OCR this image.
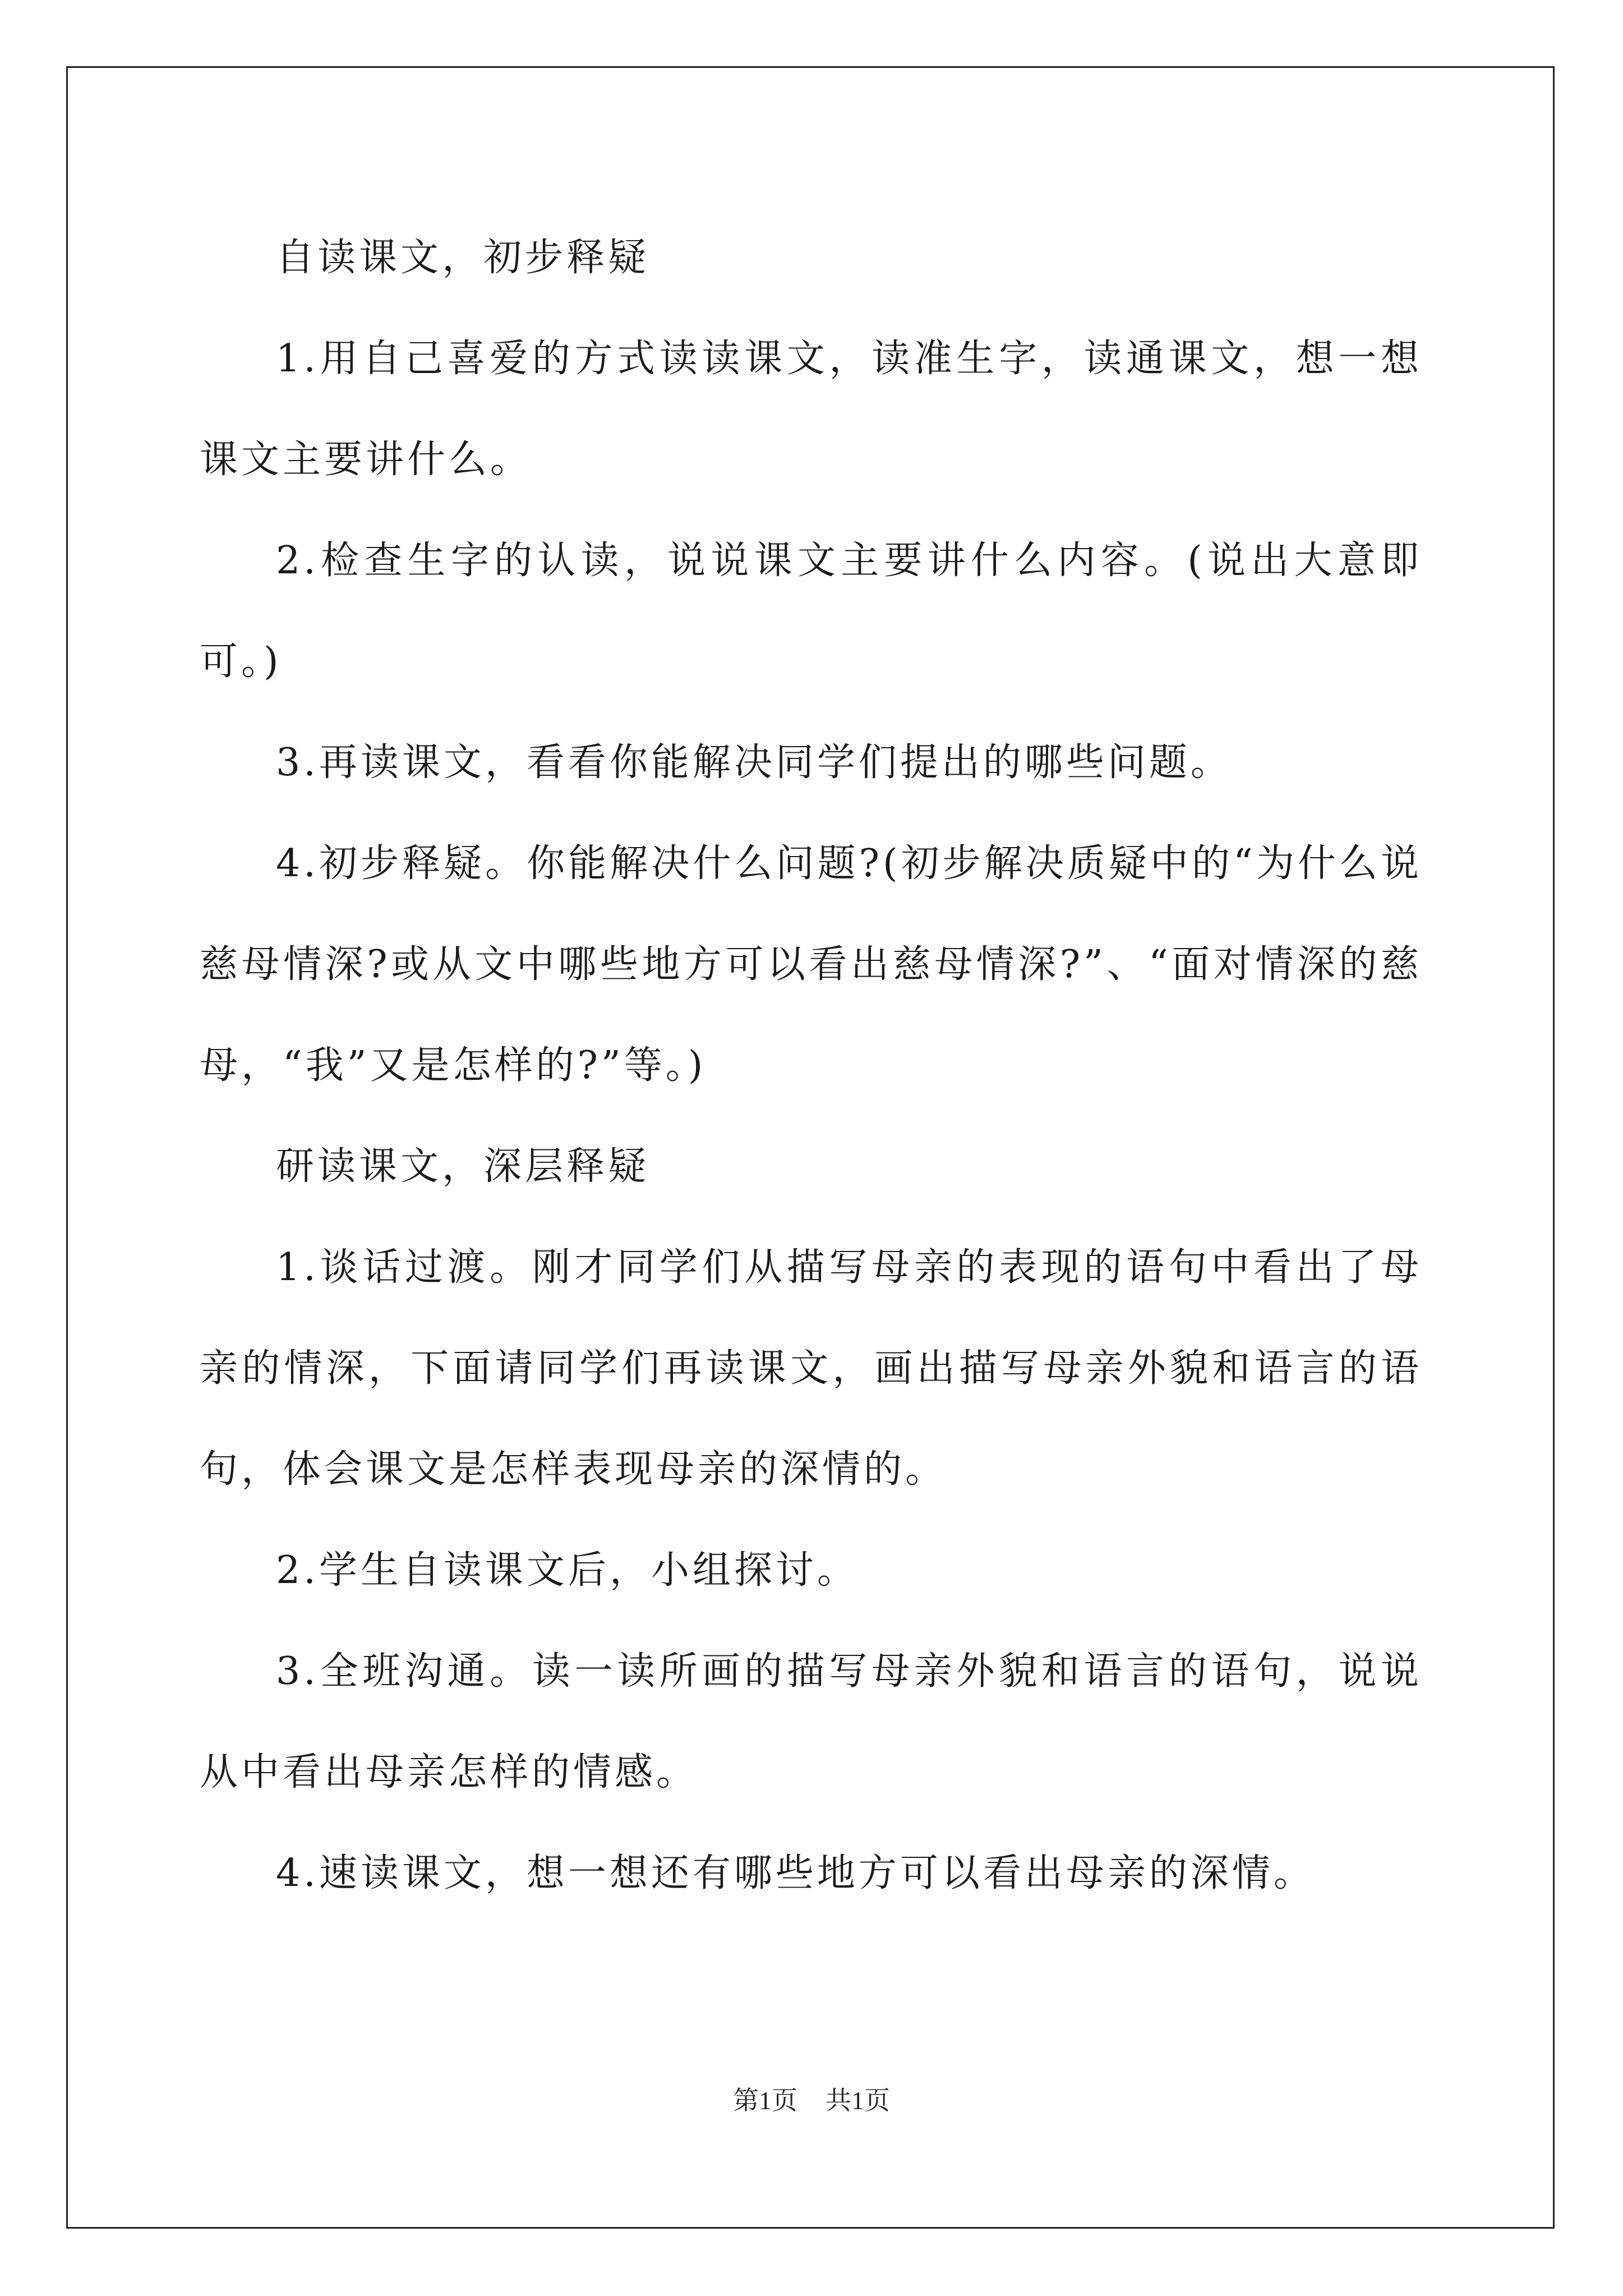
自读课文，初步释疑

1.用自己喜爱的方式读读课文，读准生字，读通课文，想一想课文主要讲什么。

2.检查生字的认读，说说课文主要讲什么内容。(说出大意即可。)

3.再读课文，看看你能解决同学们提出的哪些问题。

4.初步释疑。你能解决什么问题?(初步解决质疑中的“为什么说慈母情深?或从文中哪些地方可以看出慈母情深?”、“面对情深的慈母，“我”又是怎样的?”等。)

研读课文，深层释疑

1.谈话过渡。刚才同学们从描写母亲的表现的语句中看出了母亲的情深，下面请同学们再读课文，画出描写母亲外貌和语言的语句，体会课文是怎样表现母亲的深情的。

2.学生自读课文后，小组探讨。

3.全班沟通。读一读所画的描写母亲外貌和语言的语句，说说从中看出母亲怎样的情感。

4.速读课文，想一想还有哪些地方可以看出母亲的深情。

第1页 共1页
